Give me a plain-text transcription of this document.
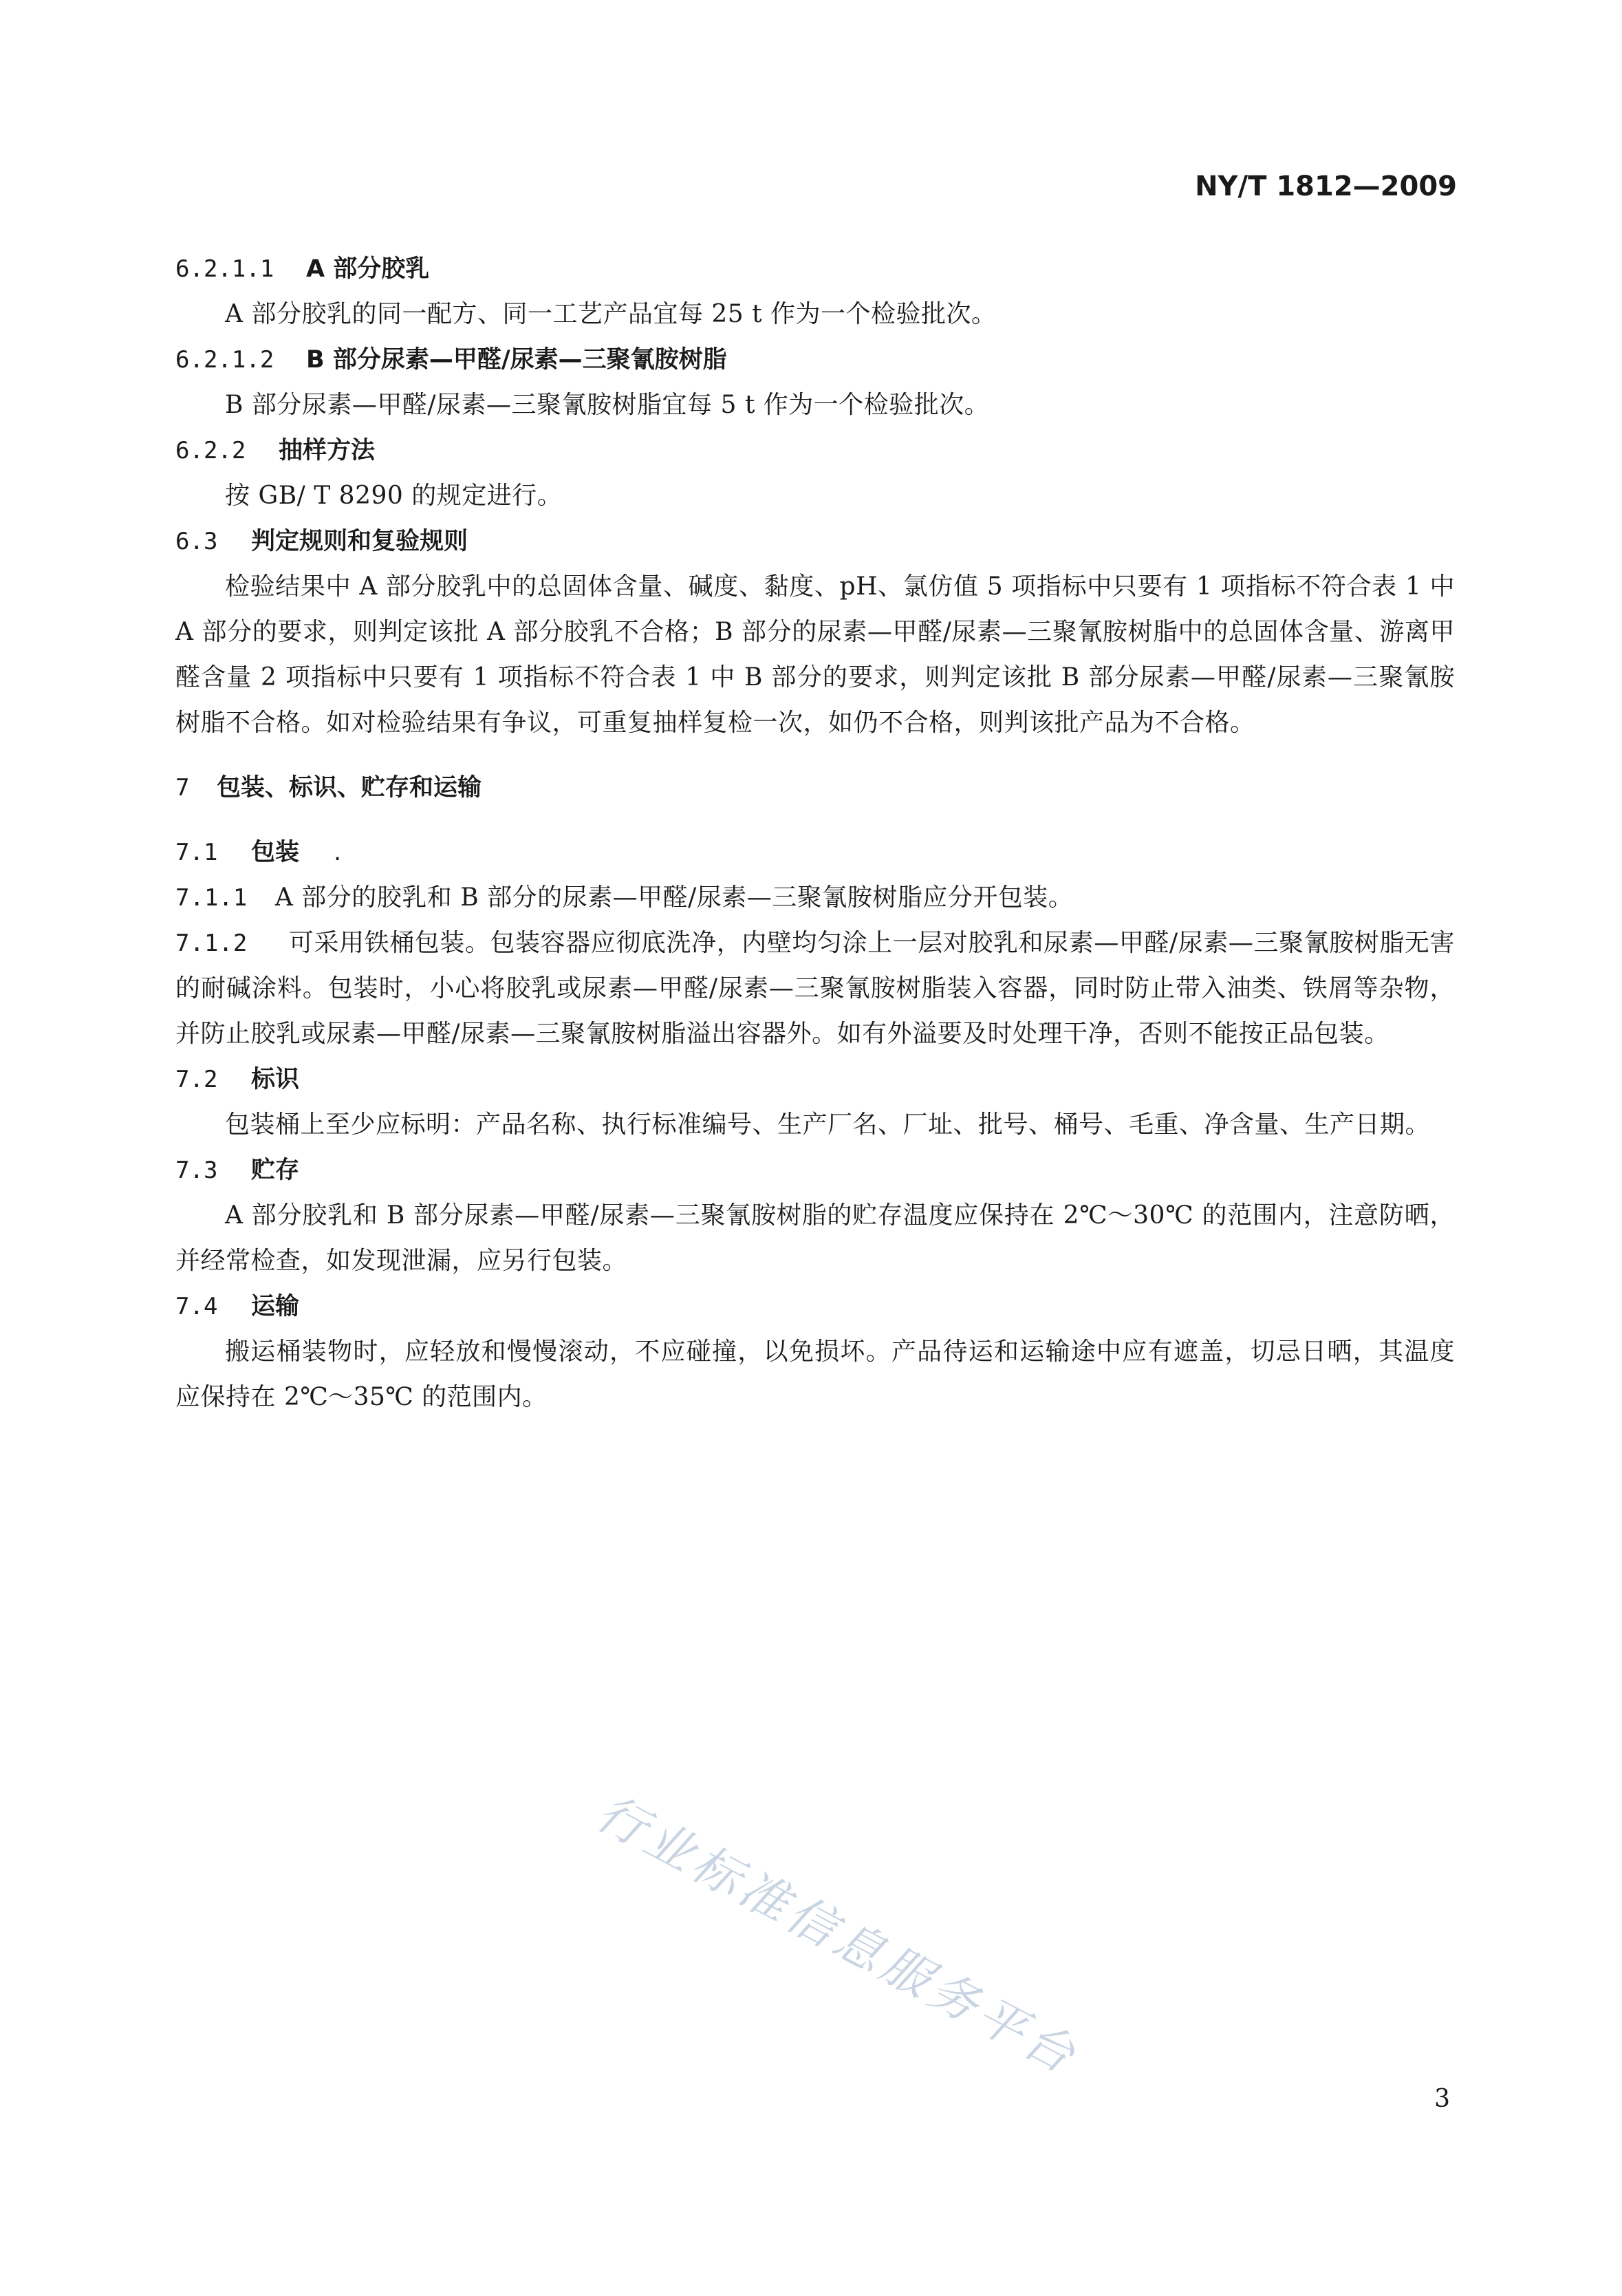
NY/T 1812—2009

6.2.1.1 A 部分胶乳

A 部分胶乳的同一配方、同一工艺产品宜每 25 t 作为一个检验批次。

6.2.1.2 B 部分尿素—甲醛/尿素—三聚氰胺树脂

B 部分尿素—甲醛/尿素—三聚氰胺树脂宜每 5 t 作为一个检验批次。

6.2.2 抽样方法

按 GB/ T 8290 的规定进行。

6.3 判定规则和复验规则

检验结果中 A 部分胶乳中的总固体含量、碱度、黏度、pH、氯仿值 5 项指标中只要有 1 项指标不符合表 1 中 A 部分的要求，则判定该批 A 部分胶乳不合格；B 部分的尿素—甲醛/尿素—三聚氰胺树脂中的总固体含量、游离甲醛含量 2 项指标中只要有 1 项指标不符合表 1 中 B 部分的要求，则判定该批 B 部分尿素—甲醛/尿素—三聚氰胺树脂不合格。如对检验结果有争议，可重复抽样复检一次，如仍不合格，则判该批产品为不合格。

7 包装、标识、贮存和运输

7.1 包装 .

7.1.1 A 部分的胶乳和 B 部分的尿素—甲醛/尿素—三聚氰胺树脂应分开包装。

7.1.2 可采用铁桶包装。包装容器应彻底洗净，内壁均匀涂上一层对胶乳和尿素—甲醛/尿素—三聚氰胺树脂无害的耐碱涂料。包装时，小心将胶乳或尿素—甲醛/尿素—三聚氰胺树脂装入容器，同时防止带入油类、铁屑等杂物，并防止胶乳或尿素—甲醛/尿素—三聚氰胺树脂溢出容器外。如有外溢要及时处理干净，否则不能按正品包装。

7.2 标识

包装桶上至少应标明：产品名称、执行标准编号、生产厂名、厂址、批号、桶号、毛重、净含量、生产日期。

7.3 贮存

A 部分胶乳和 B 部分尿素—甲醛/尿素—三聚氰胺树脂的贮存温度应保持在 2℃～30℃ 的范围内，注意防晒，并经常检查，如发现泄漏，应另行包装。

7.4 运输

搬运桶装物时，应轻放和慢慢滚动，不应碰撞，以免损坏。产品待运和运输途中应有遮盖，切忌日晒，其温度应保持在 2℃～35℃ 的范围内。

行业标准信息服务平台
3
